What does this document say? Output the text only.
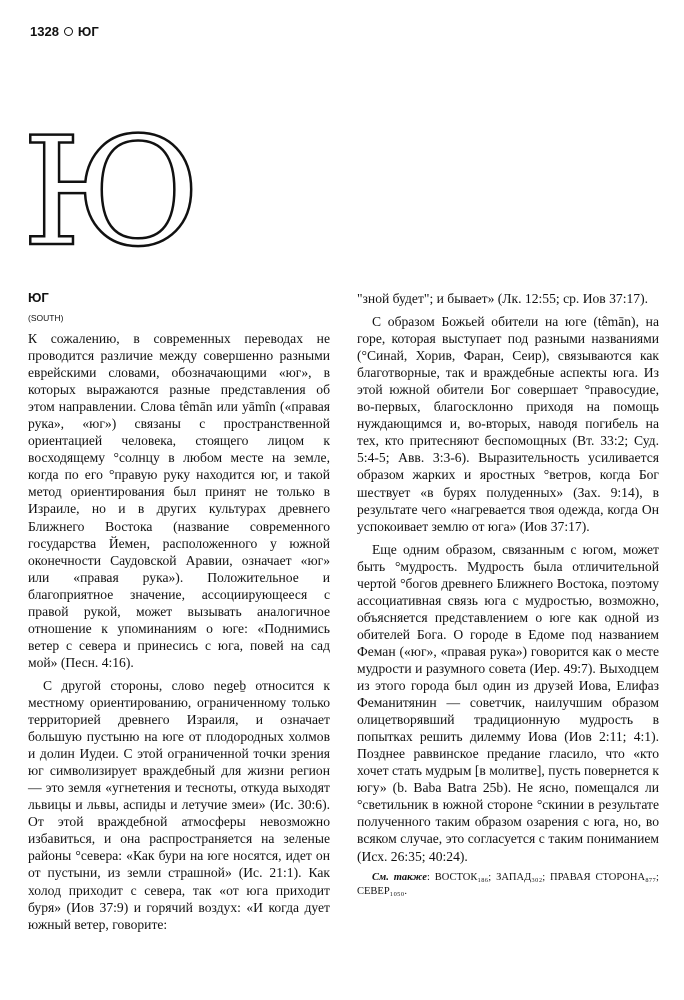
1328 ЮГ
Ю

ЮГ

(SOUTH)

К сожалению, в современных переводах не проводится различие между совершенно разными еврейскими словами, обозначающими «юг», в которых выражаются разные представления об этом направлении. Слова têmān или yāmîn («правая рука», «юг») связаны с пространственной ориентацией человека, стоящего лицом к восходящему °солнцу в любом месте на земле, когда по его °правую руку находится юг, и такой метод ориентирования был принят не только в Израиле, но и в других культурах древнего Ближнего Востока (название современного государства Йемен, расположенного у южной оконечности Саудовской Аравии, означает «юг» или «правая рука»). Положительное и благоприятное значение, ассоциирующееся с правой рукой, может вызывать аналогичное отношение к упоминаниям о юге: «Поднимись ветер с севера и принесись с юга, повей на сад мой» (Песн. 4:16).

С другой стороны, слово negeḇ относится к местному ориентированию, ограниченному только территорией древнего Израиля, и означает большую пустыню на юге от плодородных холмов и долин Иудеи. С этой ограниченной точки зрения юг символизирует враждебный для жизни регион — это земля «угнетения и тесноты, откуда выходят львицы и львы, аспиды и летучие змеи» (Ис. 30:6). От этой враждебной атмосферы невозможно избавиться, и она распространяется на зеленые районы °севера: «Как бури на юге носятся, идет он от пустыни, из земли страшной» (Ис. 21:1). Как холод приходит с севера, так «от юга приходит буря» (Иов 37:9) и горячий воздух: «И когда дует южный ветер, говорите:

"зной будет"; и бывает» (Лк. 12:55; ср. Иов 37:17).

С образом Божьей обители на юге (têmān), на горе, которая выступает под разными названиями (°Синай, Хорив, Фаран, Сеир), связываются как благотворные, так и враждебные аспекты юга. Из этой южной обители Бог совершает °правосудие, во-первых, благосклонно приходя на помощь нуждающимся и, во-вторых, наводя погибель на тех, кто притесняют беспомощных (Вт. 33:2; Суд. 5:4-5; Авв. 3:3-6). Выразительность усиливается образом жарких и яростных °ветров, когда Бог шествует «в бурях полуденных» (Зах. 9:14), в результате чего «нагревается твоя одежда, когда Он успокоивает землю от юга» (Иов 37:17).

Еще одним образом, связанным с югом, может быть °мудрость. Мудрость была отличительной чертой °богов древнего Ближнего Востока, поэтому ассоциативная связь юга с мудростью, возможно, объясняется представлением о юге как одной из обителей Бога. О городе в Едоме под названием Феман («юг», «правая рука») говорится как о месте мудрости и разумного совета (Иер. 49:7). Выходцем из этого города был один из друзей Иова, Елифаз Феманитянин — советчик, наилучшим образом олицетворявший традиционную мудрость в попытках решить дилемму Иова (Иов 2:11; 4:1). Позднее раввинское предание гласило, что «кто хочет стать мудрым [в молитве], пусть повернется к югу» (b. Baba Batra 25b). Не ясно, помещался ли °светильник в южной стороне °скинии в результате полученного таким образом озарения с юга, но, во всяком случае, это согласуется с таким пониманием (Исх. 26:35; 40:24).

См. также: ВОСТОК₁₈₆; ЗАПАД₃₀₂; ПРАВАЯ СТОРОНА₈₇₇; СЕВЕР₁₀₅₀.
